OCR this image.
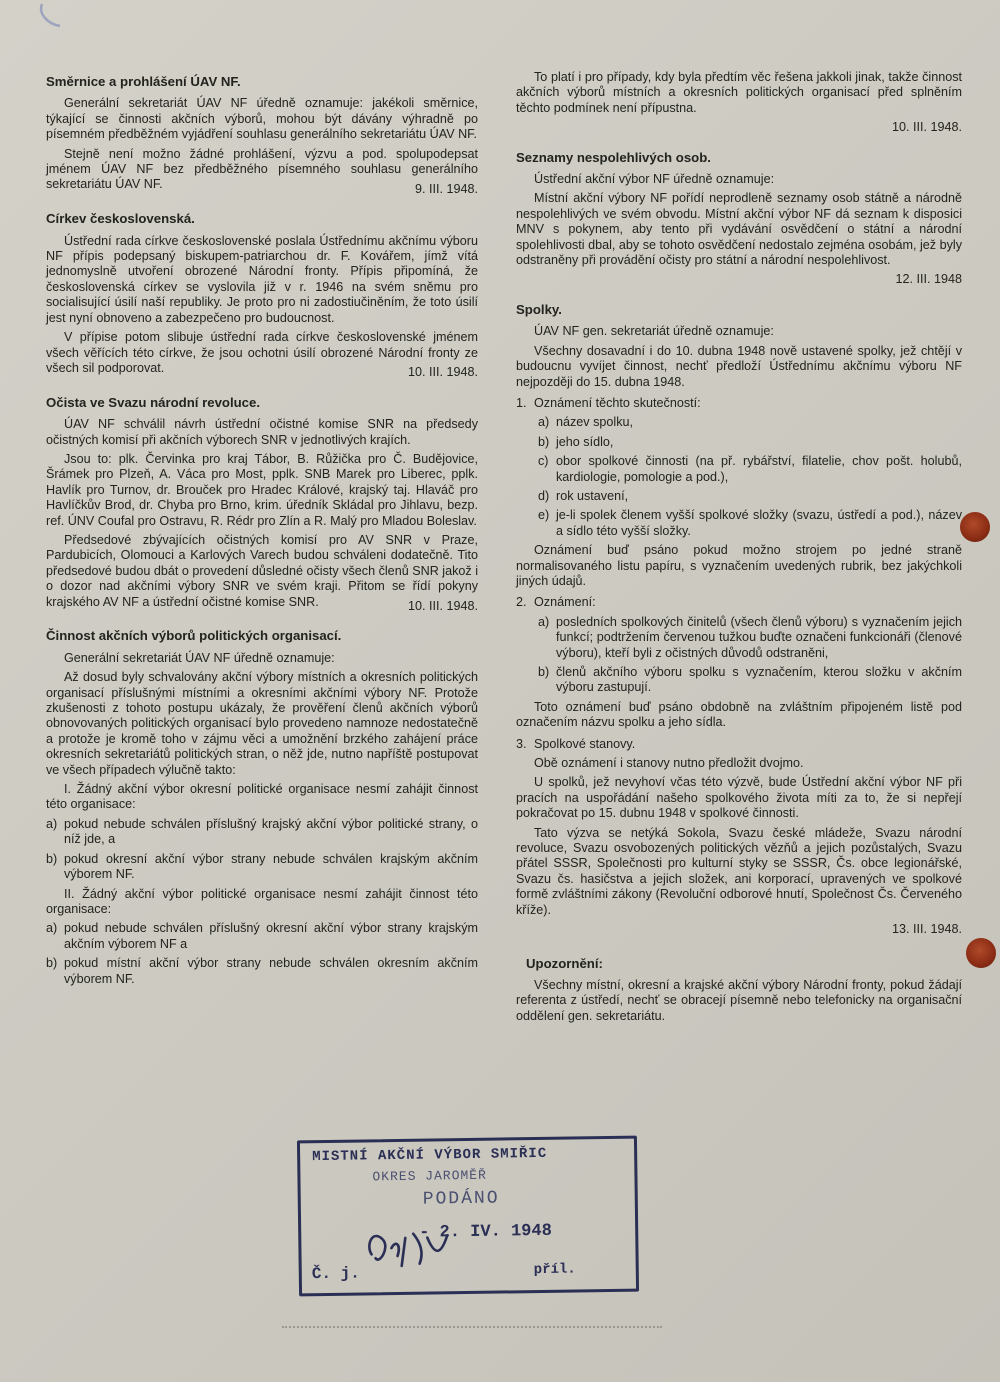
Směrnice a prohlášení ÚAV NF.

Generální sekretariát ÚAV NF úředně oznamuje: jakékoli směrnice, týkající se činnosti akčních výborů, mohou být dávány výhradně po písemném předběžném vyjádření souhlasu generálního sekretariátu ÚAV NF.

Stejně není možno žádné prohlášení, výzvu a pod. spolupodepsat jménem ÚAV NF bez předběžného písemného souhlasu generálního sekretariátu ÚAV NF.	9. III. 1948.
Církev československá.

Ústřední rada církve československé poslala Ústřednímu akčnímu výboru NF přípis podepsaný biskupem-patriarchou dr. F. Kovářem, jímž vítá jednomyslně utvoření obrozené Národní fronty. Přípis připomíná, že československá církev se vyslovila již v r. 1946 na svém sněmu pro socialisující úsilí naší republiky. Je proto pro ni zadostiučiněním, že toto úsilí jest nyní obnoveno a zabezpečeno pro budoucnost.

V přípise potom slibuje ústřední rada církve československé jménem všech věřících této církve, že jsou ochotni úsilí obrozené Národní fronty ze všech sil podporovat.	10. III. 1948.
Očista ve Svazu národní revoluce.

ÚAV NF schválil návrh ústřední očistné komise SNR na předsedy očistných komisí při akčních výborech SNR v jednotlivých krajích.

Jsou to: plk. Červinka pro kraj Tábor, B. Růžička pro Č. Budějovice, Šrámek pro Plzeň, A. Váca pro Most, pplk. SNB Marek pro Liberec, pplk. Havlík pro Turnov, dr. Brouček pro Hradec Králové, krajský taj. Hlaváč pro Havlíčkův Brod, dr. Chyba pro Brno, krim. úředník Skládal pro Jihlavu, bezp. ref. ÚNV Coufal pro Ostravu, R. Rédr pro Zlín a R. Malý pro Mladou Boleslav.

Předsedové zbývajících očistných komisí pro AV SNR v Praze, Pardubicích, Olomouci a Karlových Varech budou schváleni dodatečně. Tito předsedové budou dbát o provedení důsledné očisty všech členů SNR jakož i o dozor nad akčními výbory SNR ve svém kraji. Přitom se řídí pokyny krajského AV NF a ústřední očistné komise SNR.	10. III. 1948.
Činnost akčních výborů politických organisací.

Generální sekretariát ÚAV NF úředně oznamuje:

Až dosud byly schvalovány akční výbory místních a okresních politických organisací příslušnými místními a okresními akčními výbory NF. Protože zkušenosti z tohoto postupu ukázaly, že prověření členů akčních výborů obnovovaných politických organisací bylo provedeno namnoze nedostatečně a protože je kromě toho v zájmu věci a umožnění brzkého zahájení práce okresních sekretariátů politických stran, o něž jde, nutno napříště postupovat ve všech případech výlučně takto:

I. Žádný akční výbor okresní politické organisace nesmí zahájit činnost této organisace:

a) pokud nebude schválen příslušný krajský akční výbor politické strany, o níž jde, a
b) pokud okresní akční výbor strany nebude schválen krajským akčním výborem NF.

II. Žádný akční výbor politické organisace nesmí zahájit činnost této organisace:

a) pokud nebude schválen příslušný okresní akční výbor strany krajským akčním výborem NF a
b) pokud místní akční výbor strany nebude schválen okresním akčním výborem NF.

To platí i pro případy, kdy byla předtím věc řešena jakkoli jinak, takže činnost akčních výborů místních a okresních politických organisací před splněním těchto podmínek není přípustna.

10. III. 1948.
Seznamy nespolehlivých osob.

Ústřední akční výbor NF úředně oznamuje:

Místní akční výbory NF pořídí neprodleně seznamy osob státně a národně nespolehlivých ve svém obvodu. Místní akční výbor NF dá seznam k disposici MNV s pokynem, aby tento při vydávání osvědčení o státní a národní spolehlivosti dbal, aby se tohoto osvědčení nedostalo zejména osobám, jež byly odstraněny při provádění očisty pro státní a národní nespolehlivost.

12. III. 1948
Spolky.

ÚAV NF gen. sekretariát úředně oznamuje:

Všechny dosavadní i do 10. dubna 1948 nově ustavené spolky, jež chtějí v budoucnu vyvíjet činnost, nechť předloží Ústřednímu akčnímu výboru NF nejpozději do 15. dubna 1948.

1. Oznámení těchto skutečností:
a) název spolku,
b) jeho sídlo,
c) obor spolkové činnosti (na př. rybářství, filatelie, chov pošt. holubů, kardiologie, pomologie a pod.),
d) rok ustavení,
e) je-li spolek členem vyšší spolkové složky (svazu, ústředí a pod.), název a sídlo této vyšší složky.

Oznámení buď psáno pokud možno strojem po jedné straně normalisovaného listu papíru, s vyznačením uvedených rubrik, bez jakýchkoli jiných údajů.

2. Oznámení:
a) posledních spolkových činitelů (všech členů výboru) s vyznačením jejich funkcí; podtržením červenou tužkou buďte označeni funkcionáři (členové výboru), kteří byli z očistných důvodů odstraněni,
b) členů akčního výboru spolku s vyznačením, kterou složku v akčním výboru zastupují.

Toto oznámení buď psáno obdobně na zvláštním připojeném listě pod označením názvu spolku a jeho sídla.

3. Spolkové stanovy.

Obě oznámení i stanovy nutno předložit dvojmo.

U spolků, jež nevyhoví včas této výzvě, bude Ústřední akční výbor NF při pracích na uspořádání našeho spolkového života míti za to, že si nepřejí pokračovat po 15. dubnu 1948 v spolkové činnosti.

Tato výzva se netýká Sokola, Svazu české mládeže, Svazu národní revoluce, Svazu osvobozených politických vězňů a jejich pozůstalých, Svazu přátel SSSR, Společnosti pro kulturní styky se SSSR, Čs. obce legionářské, Svazu čs. hasičstva a jejich složek, ani korporací, upravených ve spolkové formě zvláštními zákony (Revoluční odborové hnutí, Společnost Čs. Červeného kříže).

13. III. 1948.
Upozornění:

Všechny místní, okresní a krajské akční výbory Národní fronty, pokud žádají referenta z ústředí, nechť se obracejí písemně nebo telefonicky na organisační oddělení gen. sekretariátu.

MISTNÍ AKČNÍ VÝBOR SMIŘIC
OKRES JAROMĚŘ
PODÁNO
- 2. IV. 1948
Č. j.	příl.
